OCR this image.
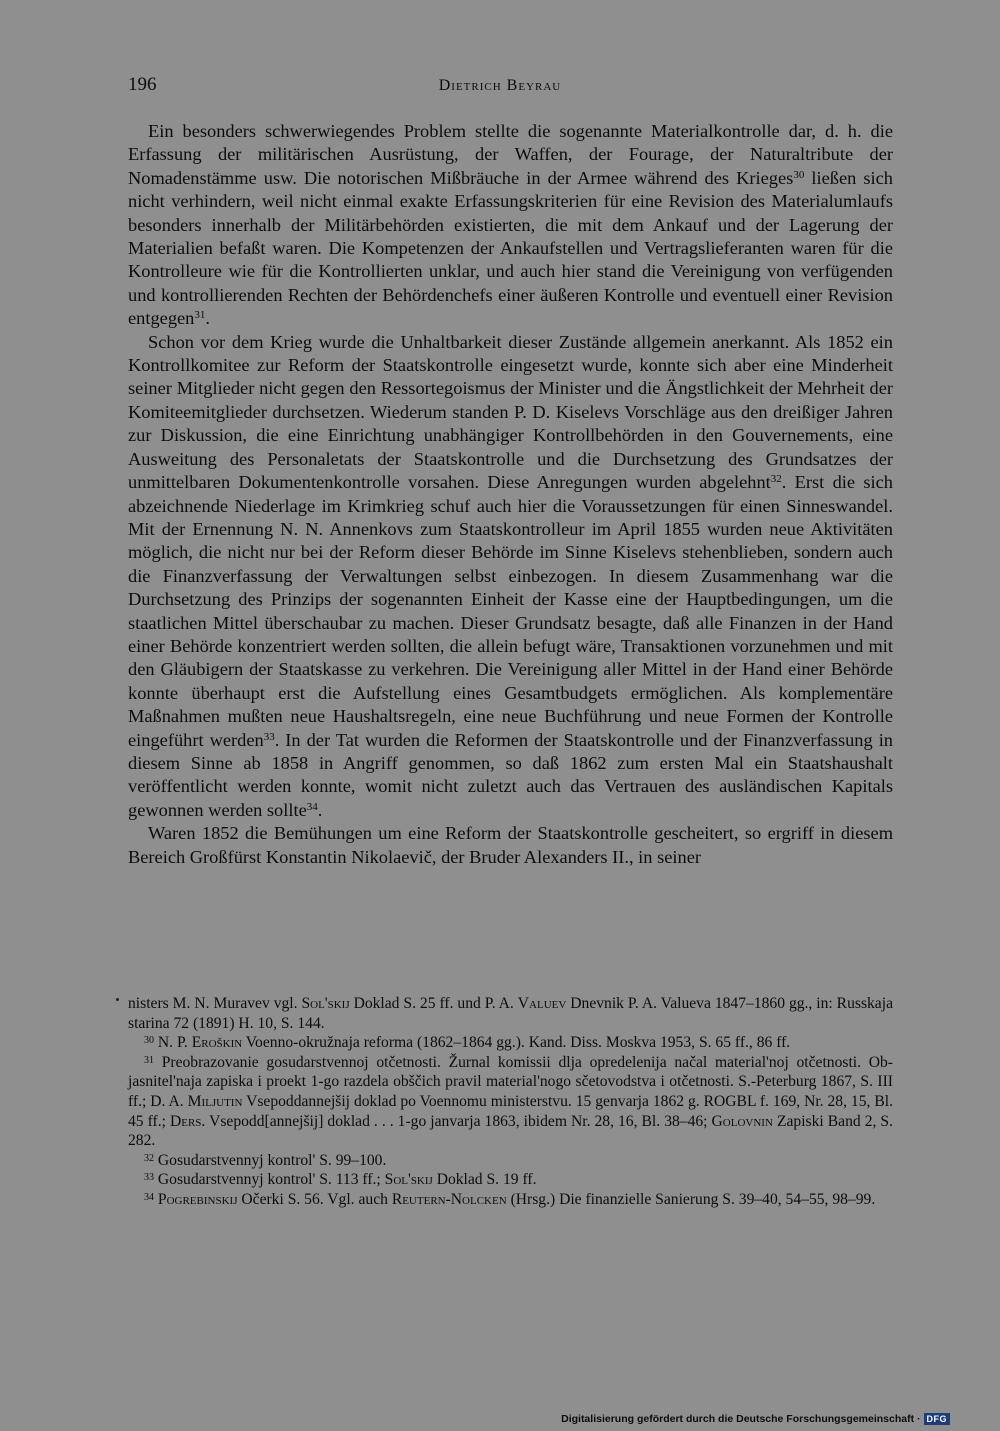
196	Dietrich Beyrau

Ein besonders schwerwiegendes Problem stellte die sogenannte Materialkontrolle dar, d. h. die Erfassung der militärischen Ausrüstung, der Waffen, der Fourage, der Naturaltribute der Nomadenstämme usw. Die notorischen Mißbräuche in der Armee während des Krieges$^{30}$ ließen sich nicht verhindern, weil nicht einmal exakte Erfassungskriterien für eine Revision des Materialumlaufs besonders innerhalb der Militärbehörden existierten, die mit dem Ankauf und der Lagerung der Materialien befaßt waren. Die Kompetenzen der Ankaufstellen und Vertragslieferanten waren für die Kontrolleure wie für die Kontrollierten unklar, und auch hier stand die Vereinigung von verfügenden und kontrollierenden Rechten der Behördenchefs einer äußeren Kontrolle und eventuell einer Revision entgegen$^{31}$.

Schon vor dem Krieg wurde die Unhaltbarkeit dieser Zustände allgemein anerkannt. Als 1852 ein Kontrollkomitee zur Reform der Staatskontrolle eingesetzt wurde, konnte sich aber eine Minderheit seiner Mitglieder nicht gegen den Ressortegoismus der Minister und die Ängstlichkeit der Mehrheit der Komiteemitglieder durchsetzen. Wiederum standen P. D. Kiselevs Vorschläge aus den dreißiger Jahren zur Diskussion, die eine Einrichtung unabhängiger Kontrollbehörden in den Gouvernements, eine Ausweitung des Personaletats der Staatskontrolle und die Durchsetzung des Grundsatzes der unmittelbaren Dokumentenkontrolle vorsahen. Diese Anregungen wurden abgelehnt$^{32}$. Erst die sich abzeichnende Niederlage im Krimkrieg schuf auch hier die Voraussetzungen für einen Sinneswandel. Mit der Ernennung N. N. Annenkovs zum Staatskontrolleur im April 1855 wurden neue Aktivitäten möglich, die nicht nur bei der Reform dieser Behörde im Sinne Kiselevs stehenblieben, sondern auch die Finanzverfassung der Verwaltungen selbst einbezogen. In diesem Zusammenhang war die Durchsetzung des Prinzips der sogenannten Einheit der Kasse eine der Hauptbedingungen, um die staatlichen Mittel überschaubar zu machen. Dieser Grundsatz besagte, daß alle Finanzen in der Hand einer Behörde konzentriert werden sollten, die allein befugt wäre, Transaktionen vorzunehmen und mit den Gläubigern der Staatskasse zu verkehren. Die Vereinigung aller Mittel in der Hand einer Behörde konnte überhaupt erst die Aufstellung eines Gesamtbudgets ermöglichen. Als komplementäre Maßnahmen mußten neue Haushaltsregeln, eine neue Buchführung und neue Formen der Kontrolle eingeführt werden$^{33}$. In der Tat wurden die Reformen der Staatskontrolle und der Finanzverfassung in diesem Sinne ab 1858 in Angriff genommen, so daß 1862 zum ersten Mal ein Staatshaushalt veröffentlicht werden konnte, womit nicht zuletzt auch das Vertrauen des ausländischen Kapitals gewonnen werden sollte$^{34}$.

Waren 1852 die Bemühungen um eine Reform der Staatskontrolle gescheitert, so ergriff in diesem Bereich Großfürst Konstantin Nikolaevič, der Bruder Alexanders II., in seiner

nisters M. N. Muravev vgl. Sol'skij Doklad S. 25 ff. und P. A. Valuev Dnevnik P. A. Valueva 1847–1860 gg., in: Russkaja starina 72 (1891) H. 10, S. 144.

$^{30}$ N. P. Eroškin Voenno-okružnaja reforma (1862–1864 gg.). Kand. Diss. Moskva 1953, S. 65 ff., 86 ff.

$^{31}$ Preobrazovanie gosudarstvennoj otčetnosti. Žurnal komissii dlja opredelenija načal material'noj otčetnosti. Ob-jasnitel'naja zapiska i proekt 1-go razdela obščich pravil material'nogo sčetovodstva i otčetnosti. S.-Peterburg 1867, S. III ff.; D. A. Miljutin Vsepoddannejšij doklad po Voennomu ministerstvu. 15 genvarja 1862 g. ROGBL f. 169, Nr. 28, 15, Bl. 45 ff.; Ders. Vsepodd[annejšij] doklad . . . 1-go janvarja 1863, ibidem Nr. 28, 16, Bl. 38–46; Golovnin Zapiski Band 2, S. 282.

$^{32}$ Gosudarstvennyj kontrol' S. 99–100.

$^{33}$ Gosudarstvennyj kontrol' S. 113 ff.; Sol'skij Doklad S. 19 ff.

$^{34}$ Pogrebinskij Očerki S. 56. Vgl. auch Reutern-Nolcken (Hrsg.) Die finanzielle Sanierung S. 39–40, 54–55, 98–99.

Digitalisierung gefördert durch die Deutsche Forschungsgemeinschaft · DFG
